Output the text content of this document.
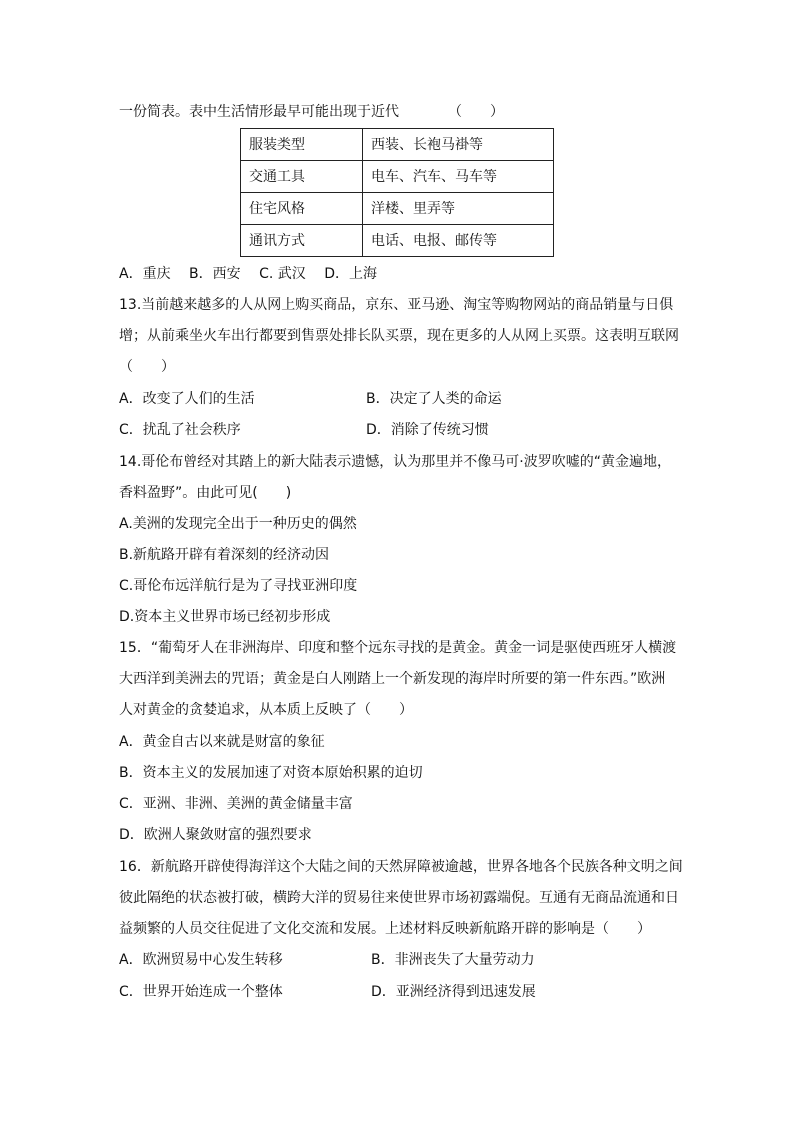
一份简表。表中生活情形最早可能出现于近代　　　　（　　）
服装类型	西装、长袍马褂等
交通工具	电车、汽车、马车等
住宅风格	洋楼、里弄等
通讯方式	电话、电报、邮传等
A．重庆 B．西安 C. 武汉 D．上海
13.当前越来越多的人从网上购买商品，京东、亚马逊、淘宝等购物网站的商品销量与日俱
增；从前乘坐火车出行都要到售票处排长队买票，现在更多的人从网上买票。这表明互联网
（　　）
A．改变了人们的生活	B．决定了人类的命运
C．扰乱了社会秩序	D．消除了传统习惯
14.哥伦布曾经对其踏上的新大陆表示遗憾，认为那里并不像马可·波罗吹嘘的“黄金遍地，
香料盈野”。由此可见(　　)
A.美洲的发现完全出于一种历史的偶然
B.新航路开辟有着深刻的经济动因
C.哥伦布远洋航行是为了寻找亚洲印度
D.资本主义世界市场已经初步形成
15．“葡萄牙人在非洲海岸、印度和整个远东寻找的是黄金。黄金一词是驱使西班牙人横渡
大西洋到美洲去的咒语；黄金是白人刚踏上一个新发现的海岸时所要的第一件东西。”欧洲
人对黄金的贪婪追求，从本质上反映了（　　）
A．黄金自古以来就是财富的象征
B．资本主义的发展加速了对资本原始积累的迫切
C．亚洲、非洲、美洲的黄金储量丰富
D．欧洲人聚敛财富的强烈要求
16．新航路开辟使得海洋这个大陆之间的天然屏障被逾越，世界各地各个民族各种文明之间
彼此隔绝的状态被打破，横跨大洋的贸易往来使世界市场初露端倪。互通有无商品流通和日
益频繁的人员交往促进了文化交流和发展。上述材料反映新航路开辟的影响是（　　）
A．欧洲贸易中心发生转移	B．非洲丧失了大量劳动力
C．世界开始连成一个整体	D．亚洲经济得到迅速发展
